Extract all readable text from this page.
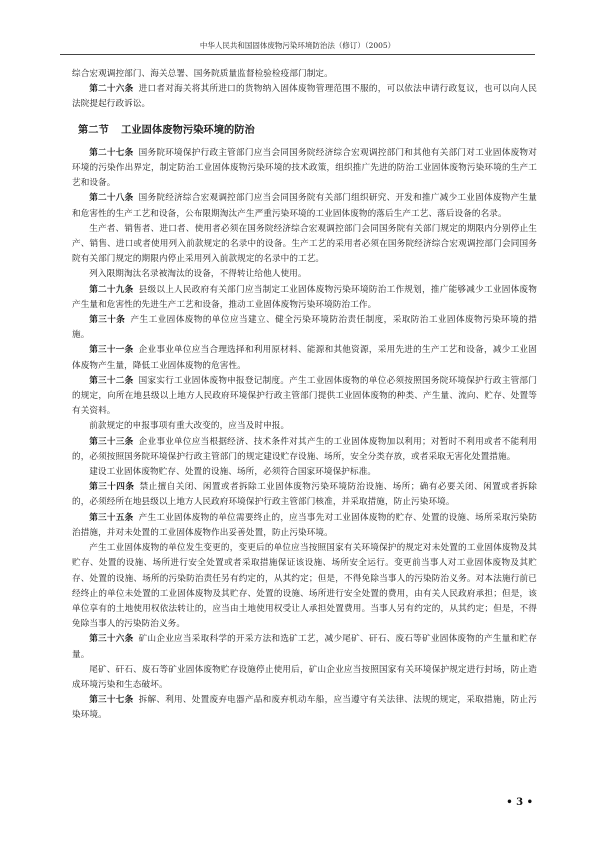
中华人民共和国固体废物污染环境防治法（修订）（2005）

综合宏观调控部门、海关总署、国务院质量监督检验检疫部门制定。

第二十六条 进口者对海关将其所进口的货物纳入固体废物管理范围不服的，可以依法申请行政复议，也可以向人民法院提起行政诉讼。

第二节 工业固体废物污染环境的防治

第二十七条 国务院环境保护行政主管部门应当会同国务院经济综合宏观调控部门和其他有关部门对工业固体废物对环境的污染作出界定，制定防治工业固体废物污染环境的技术政策，组织推广先进的防治工业固体废物污染环境的生产工艺和设备。

第二十八条 国务院经济综合宏观调控部门应当会同国务院有关部门组织研究、开发和推广减少工业固体废物产生量和危害性的生产工艺和设备，公布限期淘汰产生严重污染环境的工业固体废物的落后生产工艺、落后设备的名录。

生产者、销售者、进口者、使用者必须在国务院经济综合宏观调控部门会同国务院有关部门规定的期限内分别停止生产、销售、进口或者使用列入前款规定的名录中的设备。生产工艺的采用者必须在国务院经济综合宏观调控部门会同国务院有关部门规定的期限内停止采用列入前款规定的名录中的工艺。

列入限期淘汰名录被淘汰的设备，不得转让给他人使用。

第二十九条 县级以上人民政府有关部门应当制定工业固体废物污染环境防治工作规划，推广能够减少工业固体废物产生量和危害性的先进生产工艺和设备，推动工业固体废物污染环境防治工作。

第三十条 产生工业固体废物的单位应当建立、健全污染环境防治责任制度，采取防治工业固体废物污染环境的措施。

第三十一条 企业事业单位应当合理选择和利用原材料、能源和其他资源，采用先进的生产工艺和设备，减少工业固体废物产生量，降低工业固体废物的危害性。

第三十二条 国家实行工业固体废物申报登记制度。产生工业固体废物的单位必须按照国务院环境保护行政主管部门的规定，向所在地县级以上地方人民政府环境保护行政主管部门提供工业固体废物的种类、产生量、流向、贮存、处置等有关资料。

前款规定的申报事项有重大改变的，应当及时申报。

第三十三条 企业事业单位应当根据经济、技术条件对其产生的工业固体废物加以利用；对暂时不利用或者不能利用的，必须按照国务院环境保护行政主管部门的规定建设贮存设施、场所，安全分类存放，或者采取无害化处置措施。

建设工业固体废物贮存、处置的设施、场所，必须符合国家环境保护标准。

第三十四条 禁止擅自关闭、闲置或者拆除工业固体废物污染环境防治设施、场所；确有必要关闭、闲置或者拆除的，必须经所在地县级以上地方人民政府环境保护行政主管部门核准，并采取措施，防止污染环境。

第三十五条 产生工业固体废物的单位需要终止的，应当事先对工业固体废物的贮存、处置的设施、场所采取污染防治措施，并对未处置的工业固体废物作出妥善处置，防止污染环境。

产生工业固体废物的单位发生变更的，变更后的单位应当按照国家有关环境保护的规定对未处置的工业固体废物及其贮存、处置的设施、场所进行安全处置或者采取措施保证该设施、场所安全运行。变更前当事人对工业固体废物及其贮存、处置的设施、场所的污染防治责任另有约定的，从其约定；但是，不得免除当事人的污染防治义务。对本法施行前已经终止的单位未处置的工业固体废物及其贮存、处置的设施、场所进行安全处置的费用，由有关人民政府承担；但是，该单位享有的土地使用权依法转让的，应当由土地使用权受让人承担处置费用。当事人另有约定的，从其约定；但是，不得免除当事人的污染防治义务。

第三十六条 矿山企业应当采取科学的开采方法和选矿工艺，减少尾矿、矸石、废石等矿业固体废物的产生量和贮存量。

尾矿、矸石、废石等矿业固体废物贮存设施停止使用后，矿山企业应当按照国家有关环境保护规定进行封场，防止造成环境污染和生态破坏。

第三十七条 拆解、利用、处置废弃电器产品和废弃机动车船，应当遵守有关法律、法规的规定，采取措施，防止污染环境。

• 3 •
